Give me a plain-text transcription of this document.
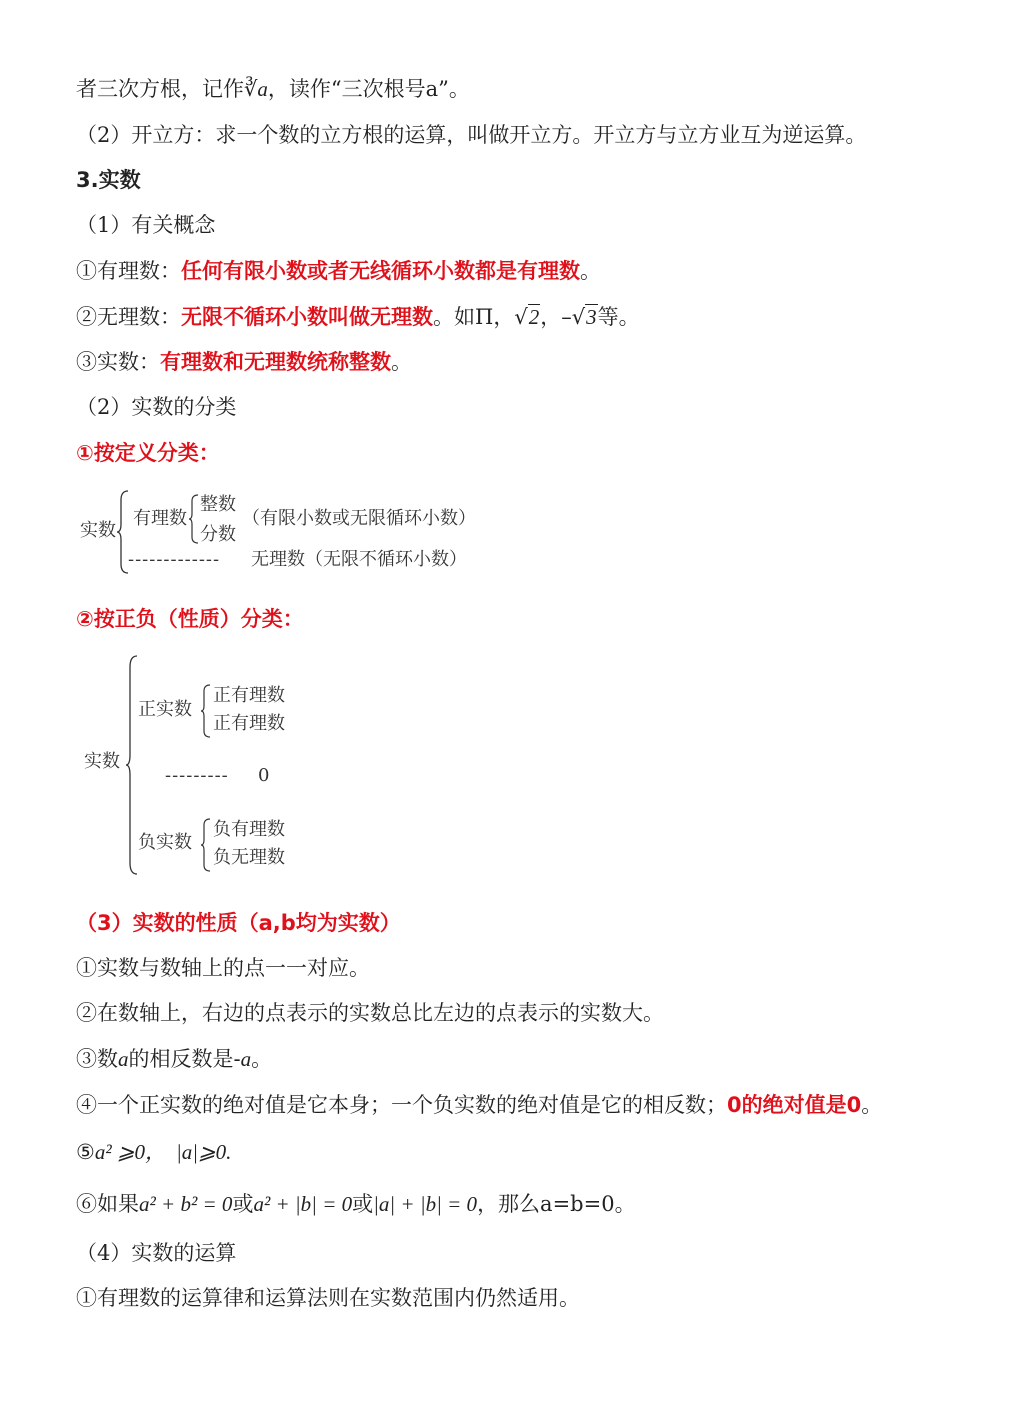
者三次方根，记作∛a，读作“三次根号a”。
（2）开立方：求一个数的立方根的运算，叫做开立方。开立方与立方业互为逆运算。
3.实数
（1）有关概念
①有理数：任何有限小数或者无线循环小数都是有理数。
②无理数：无限不循环小数叫做无理数。如Π，√2，–√3等。
③实数：有理数和无理数统称整数。
（2）实数的分类
①按定义分类：
实数
有理数
整数
分数
（有限小数或无限循环小数）
------------- 无理数（无限不循环小数）
②按正负（性质）分类：
实数
正实数
正有理数
正有理数
--------- 0
负实数
负有理数
负无理数
（3）实数的性质（a,b均为实数）
①实数与数轴上的点一一对应。
②在数轴上，右边的点表示的实数总比左边的点表示的实数大。
③数a的相反数是-a。
④一个正实数的绝对值是它本身；一个负实数的绝对值是它的相反数；0的绝对值是0。
⑤a² ⩾0， |a|⩾0.
⑥如果a² + b² = 0或a² + |b| = 0或|a| + |b| = 0，那么a=b=0。
（4）实数的运算
①有理数的运算律和运算法则在实数范围内仍然适用。
